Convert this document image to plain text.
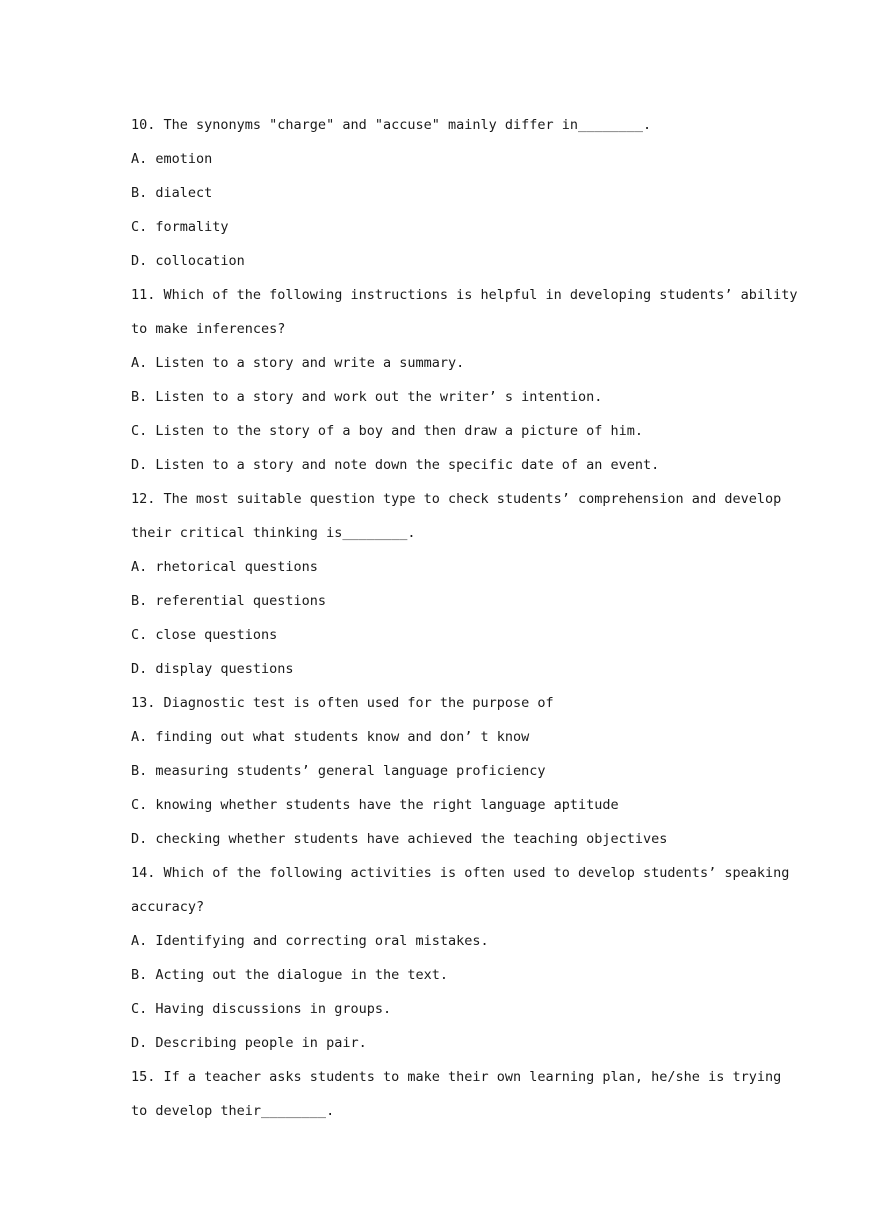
10. The synonyms "charge" and "accuse" mainly differ in________.

A. emotion

B. dialect

C. formality

D. collocation

11. Which of the following instructions is helpful in developing students’ ability

to make inferences?

A. Listen to a story and write a summary.

B. Listen to a story and work out the writer’ s intention.

C. Listen to the story of a boy and then draw a picture of him.

D. Listen to a story and note down the specific date of an event.

12. The most suitable question type to check students’ comprehension and develop

their critical thinking is________.

A. rhetorical questions

B. referential questions

C. close questions

D. display questions

13. Diagnostic test is often used for the purpose of

A. finding out what students know and don’ t know

B. measuring students’ general language proficiency

C. knowing whether students have the right language aptitude

D. checking whether students have achieved the teaching objectives

14. Which of the following activities is often used to develop students’ speaking

accuracy?

A. Identifying and correcting oral mistakes.

B. Acting out the dialogue in the text.

C. Having discussions in groups.

D. Describing people in pair.

15. If a teacher asks students to make their own learning plan, he/she is trying

to develop their________.
